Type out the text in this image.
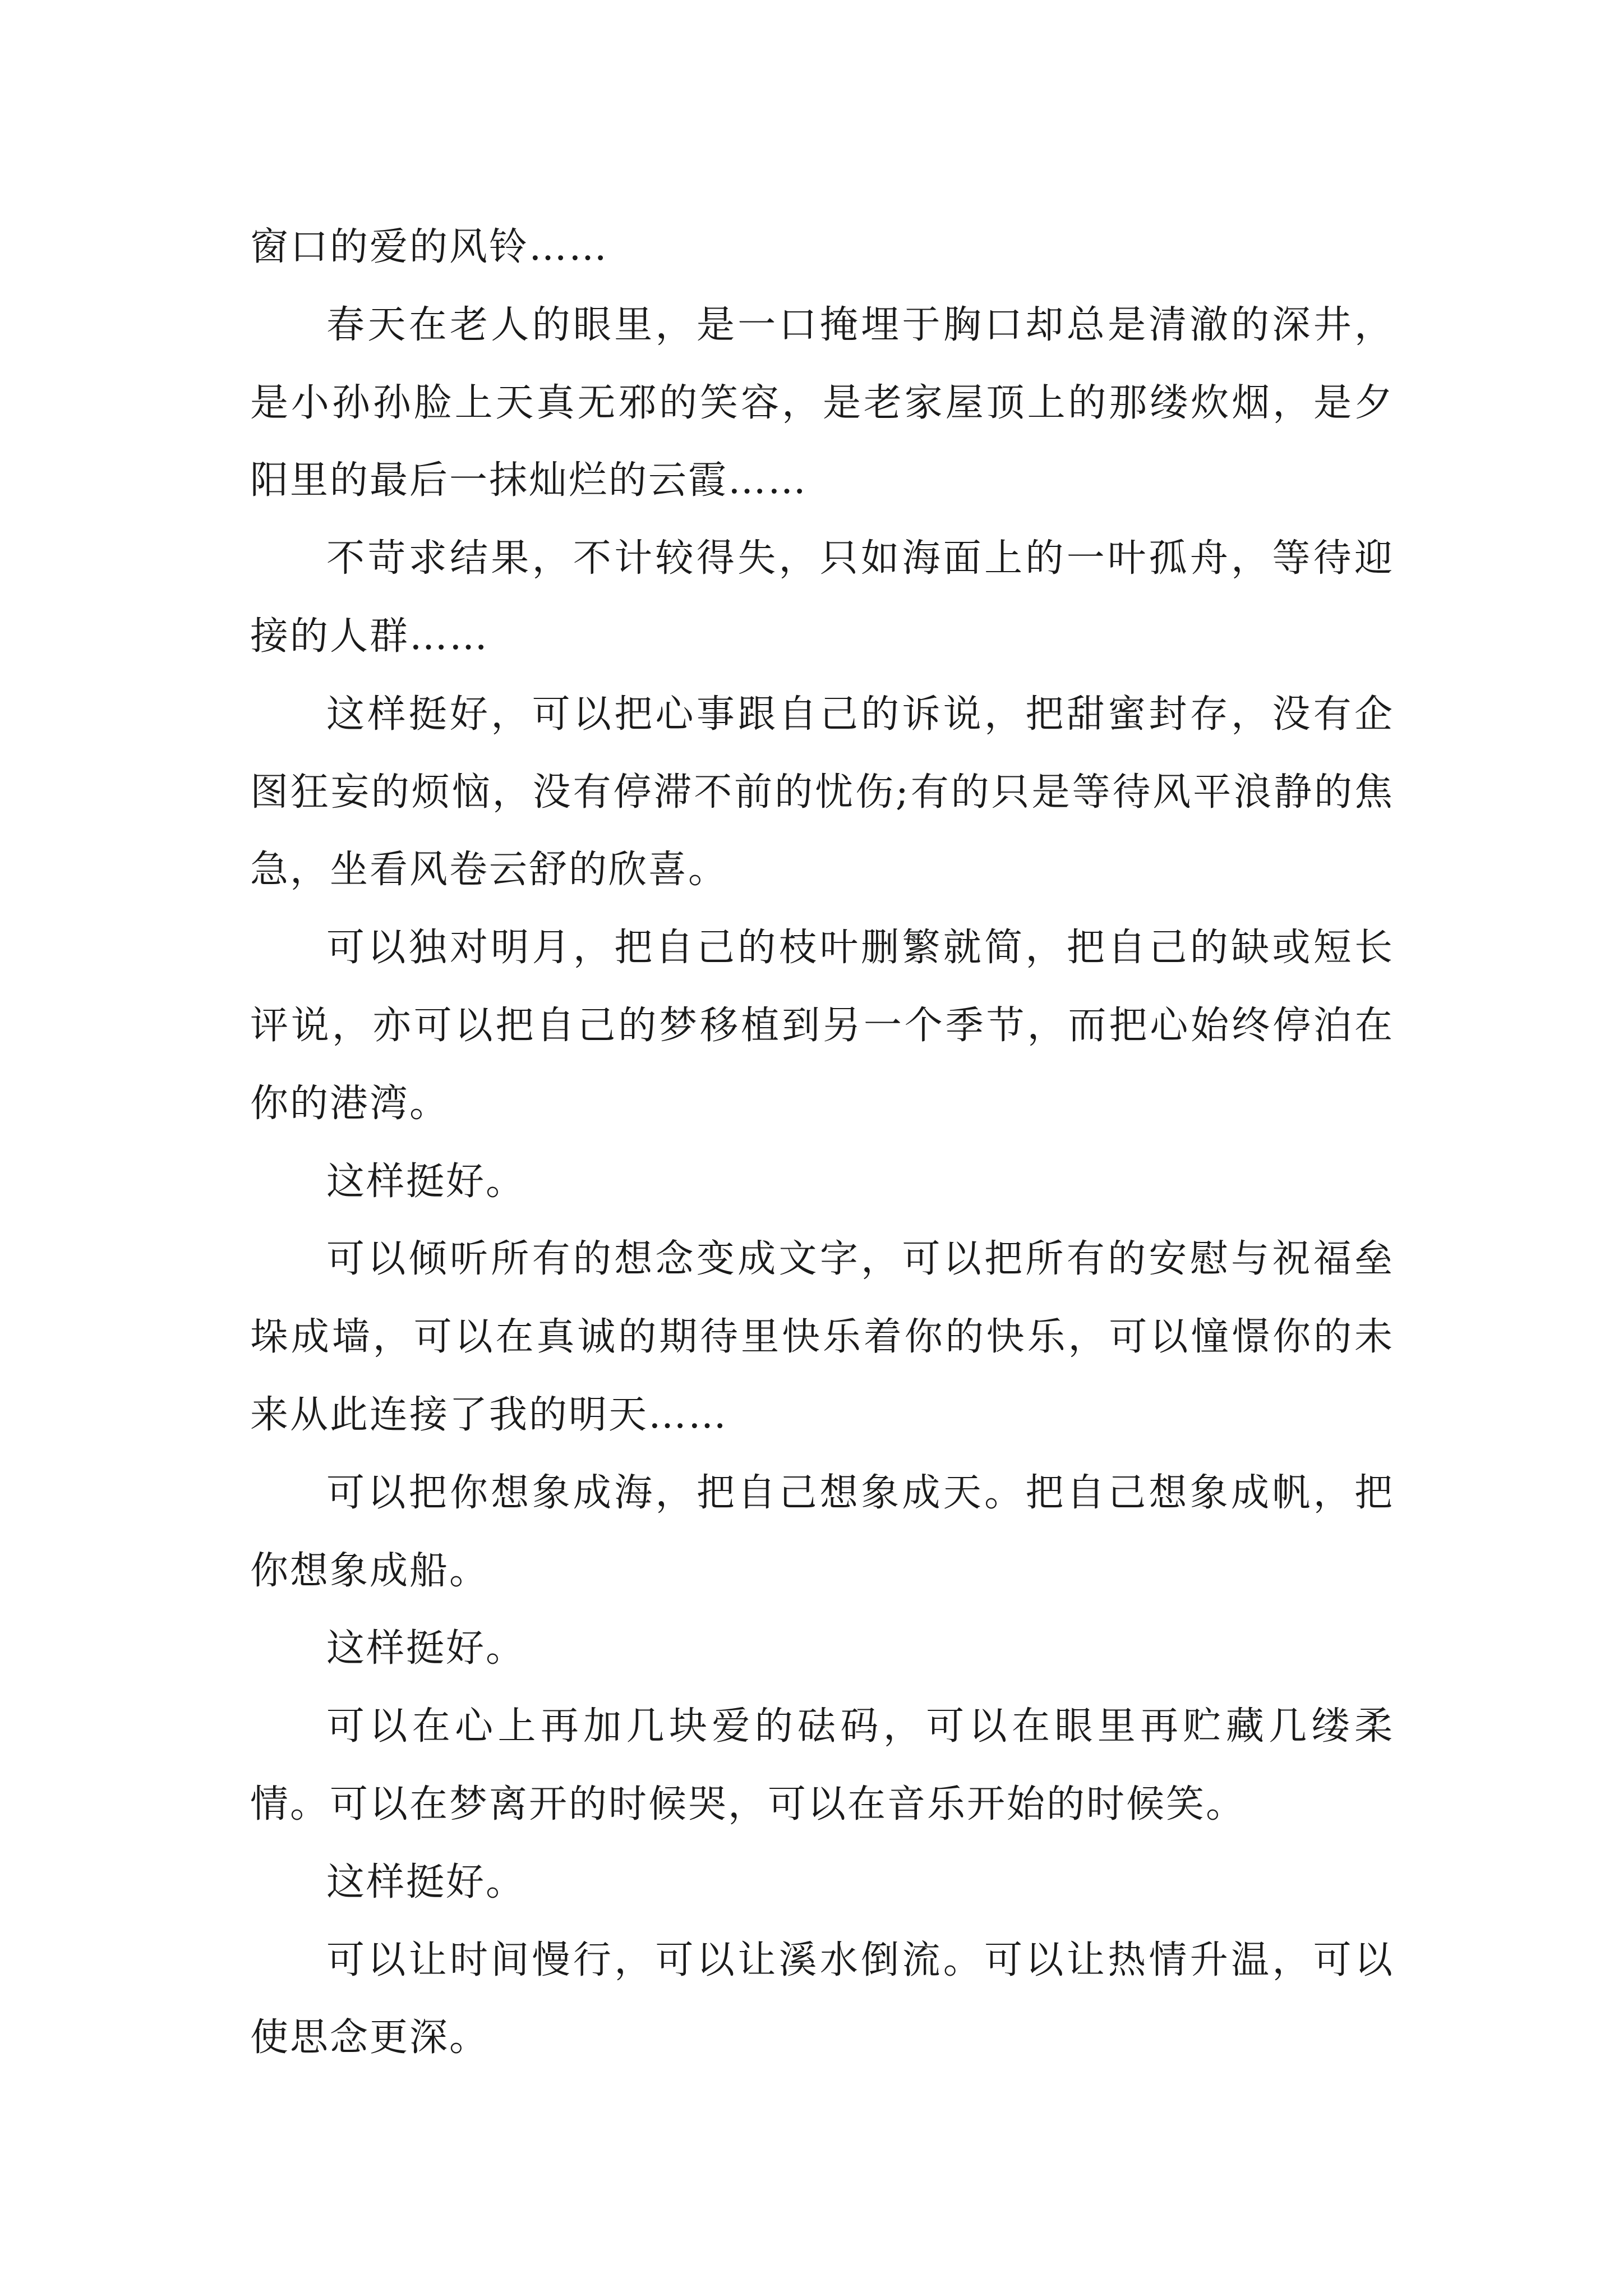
窗口的爱的风铃……

春天在老人的眼里，是一口掩埋于胸口却总是清澈的深井，是小孙孙脸上天真无邪的笑容，是老家屋顶上的那缕炊烟，是夕阳里的最后一抹灿烂的云霞……

不苛求结果，不计较得失，只如海面上的一叶孤舟，等待迎接的人群……

这样挺好，可以把心事跟自己的诉说，把甜蜜封存，没有企图狂妄的烦恼，没有停滞不前的忧伤;有的只是等待风平浪静的焦急，坐看风卷云舒的欣喜。

可以独对明月，把自己的枝叶删繁就简，把自己的缺或短长评说，亦可以把自己的梦移植到另一个季节，而把心始终停泊在你的港湾。

这样挺好。

可以倾听所有的想念变成文字，可以把所有的安慰与祝福垒垛成墙，可以在真诚的期待里快乐着你的快乐，可以憧憬你的未来从此连接了我的明天……

可以把你想象成海，把自己想象成天。把自己想象成帆，把你想象成船。

这样挺好。

可以在心上再加几块爱的砝码，可以在眼里再贮藏几缕柔情。可以在梦离开的时候哭，可以在音乐开始的时候笑。

这样挺好。

可以让时间慢行，可以让溪水倒流。可以让热情升温，可以使思念更深。
